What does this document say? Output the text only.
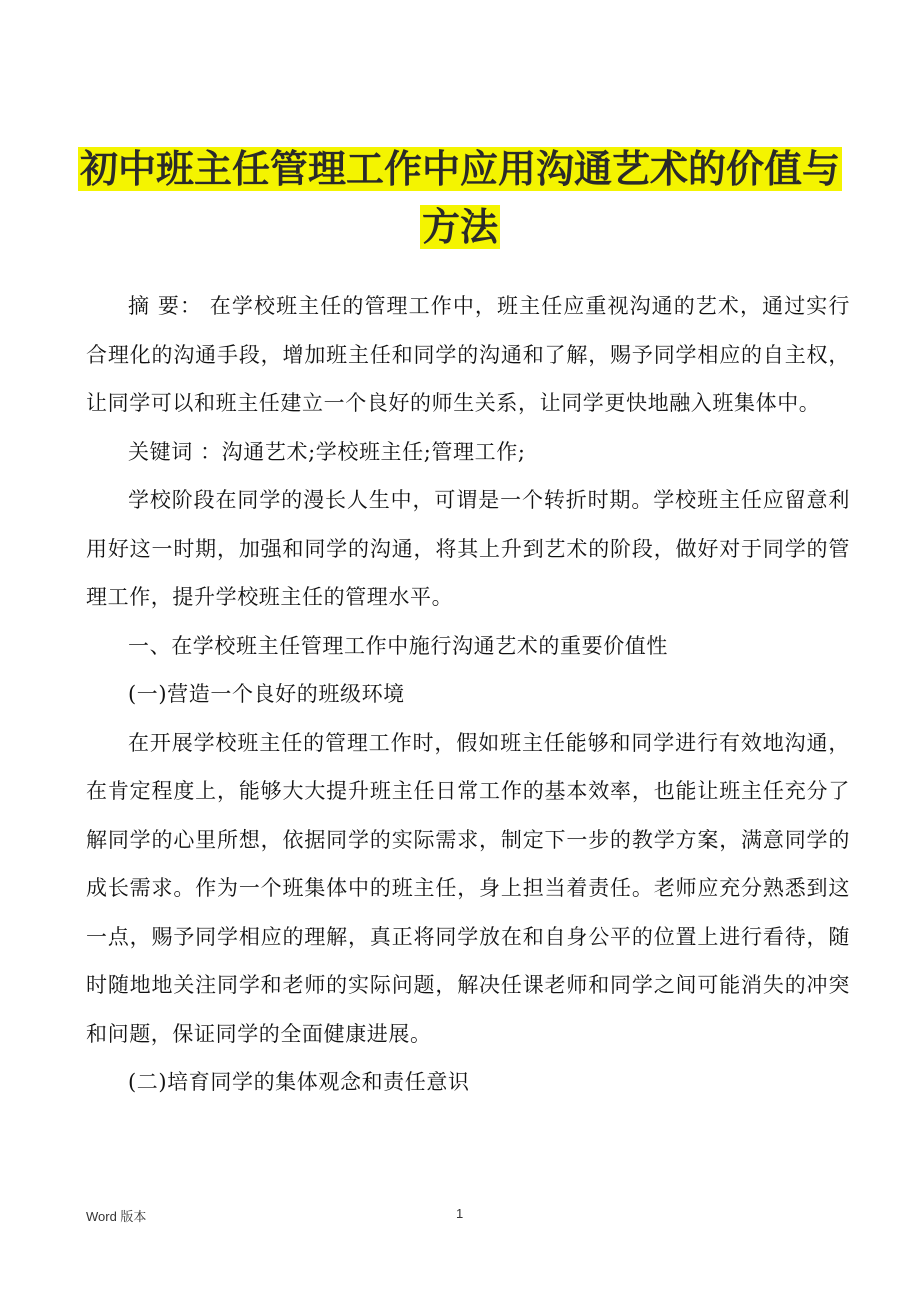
初中班主任管理工作中应用沟通艺术的价值与
方法

摘 要： 在学校班主任的管理工作中，班主任应重视沟通的艺术，通过实行合理化的沟通手段，增加班主任和同学的沟通和了解，赐予同学相应的自主权，让同学可以和班主任建立一个良好的师生关系，让同学更快地融入班集体中。

关键词 ：沟通艺术;学校班主任;管理工作;

学校阶段在同学的漫长人生中，可谓是一个转折时期。学校班主任应留意利用好这一时期，加强和同学的沟通，将其上升到艺术的阶段，做好对于同学的管理工作，提升学校班主任的管理水平。

一、在学校班主任管理工作中施行沟通艺术的重要价值性

(一)营造一个良好的班级环境

在开展学校班主任的管理工作时，假如班主任能够和同学进行有效地沟通，在肯定程度上，能够大大提升班主任日常工作的基本效率，也能让班主任充分了解同学的心里所想，依据同学的实际需求，制定下一步的教学方案，满意同学的成长需求。作为一个班集体中的班主任，身上担当着责任。老师应充分熟悉到这一点，赐予同学相应的理解，真正将同学放在和自身公平的位置上进行看待，随时随地地关注同学和老师的实际问题，解决任课老师和同学之间可能消失的冲突和问题，保证同学的全面健康进展。

(二)培育同学的集体观念和责任意识

Word 版本	1
